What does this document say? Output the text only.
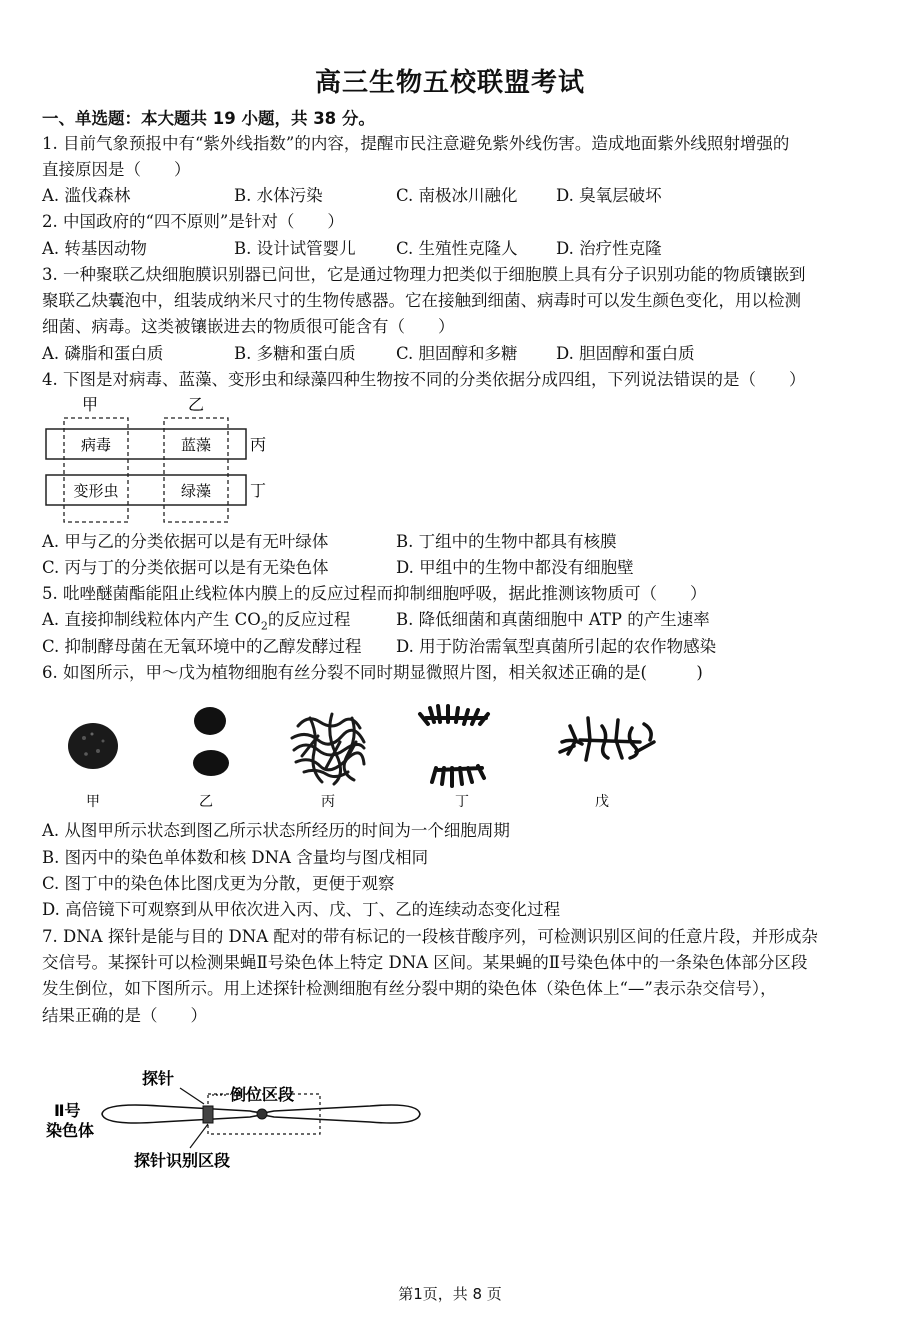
高三生物五校联盟考试
一、单选题：本大题共 19 小题，共 38 分。
1. 目前气象预报中有“紫外线指数”的内容，提醒市民注意避免紫外线伤害。造成地面紫外线照射增强的
直接原因是（　　）
A. 滥伐森林	B. 水体污染	C. 南极冰川融化 D. 臭氧层破坏
2. 中国政府的“四不原则”是针对（　　）
A. 转基因动物	B. 设计试管婴儿 C. 生殖性克隆人 D. 治疗性克隆
3. 一种聚联乙炔细胞膜识别器已问世，它是通过物理力把类似于细胞膜上具有分子识别功能的物质镶嵌到
聚联乙炔囊泡中，组装成纳米尺寸的生物传感器。它在接触到细菌、病毒时可以发生颜色变化，用以检测
细菌、病毒。这类被镶嵌进去的物质很可能含有（　　）
A. 磷脂和蛋白质	B. 多糖和蛋白质 C. 胆固醇和多糖 D. 胆固醇和蛋白质
4. 下图是对病毒、蓝藻、变形虫和绿藻四种生物按不同的分类依据分成四组，下列说法错误的是（　　）
甲	乙
病毒	蓝藻
变形虫	绿藻
丙
丁
A. 甲与乙的分类依据可以是有无叶绿体	B. 丁组中的生物中都具有核膜
C. 丙与丁的分类依据可以是有无染色体	D. 甲组中的生物中都没有细胞壁
5. 吡唑醚菌酯能阻止线粒体内膜上的反应过程而抑制细胞呼吸，据此推测该物质可（　　）
A. 直接抑制线粒体内产生 $CO_2$的反应过程	B. 降低细菌和真菌细胞中 ATP 的产生速率
C. 抑制酵母菌在无氧环境中的乙醇发酵过程 D. 用于防治需氧型真菌所引起的农作物感染
6. 如图所示，甲～戊为植物细胞有丝分裂不同时期显微照片图，相关叙述正确的是(　　　)
甲	乙	丙	丁	戊
A. 从图甲所示状态到图乙所示状态所经历的时间为一个细胞周期
B. 图丙中的染色单体数和核 DNA 含量均与图戊相同
C. 图丁中的染色体比图戊更为分散，更便于观察
D. 高倍镜下可观察到从甲依次进入丙、戊、丁、乙的连续动态变化过程
7. DNA 探针是能与目的 DNA 配对的带有标记的一段核苷酸序列，可检测识别区间的任意片段，并形成杂
交信号。某探针可以检测果蝇Ⅱ号染色体上特定 DNA 区间。某果蝇的Ⅱ号染色体中的一条染色体部分区段
发生倒位，如下图所示。用上述探针检测细胞有丝分裂中期的染色体（染色体上“—”表示杂交信号），
结果正确的是（　　）
探针
倒位区段
Ⅱ号
染色体
探针识别区段
第1页，共 8 页
